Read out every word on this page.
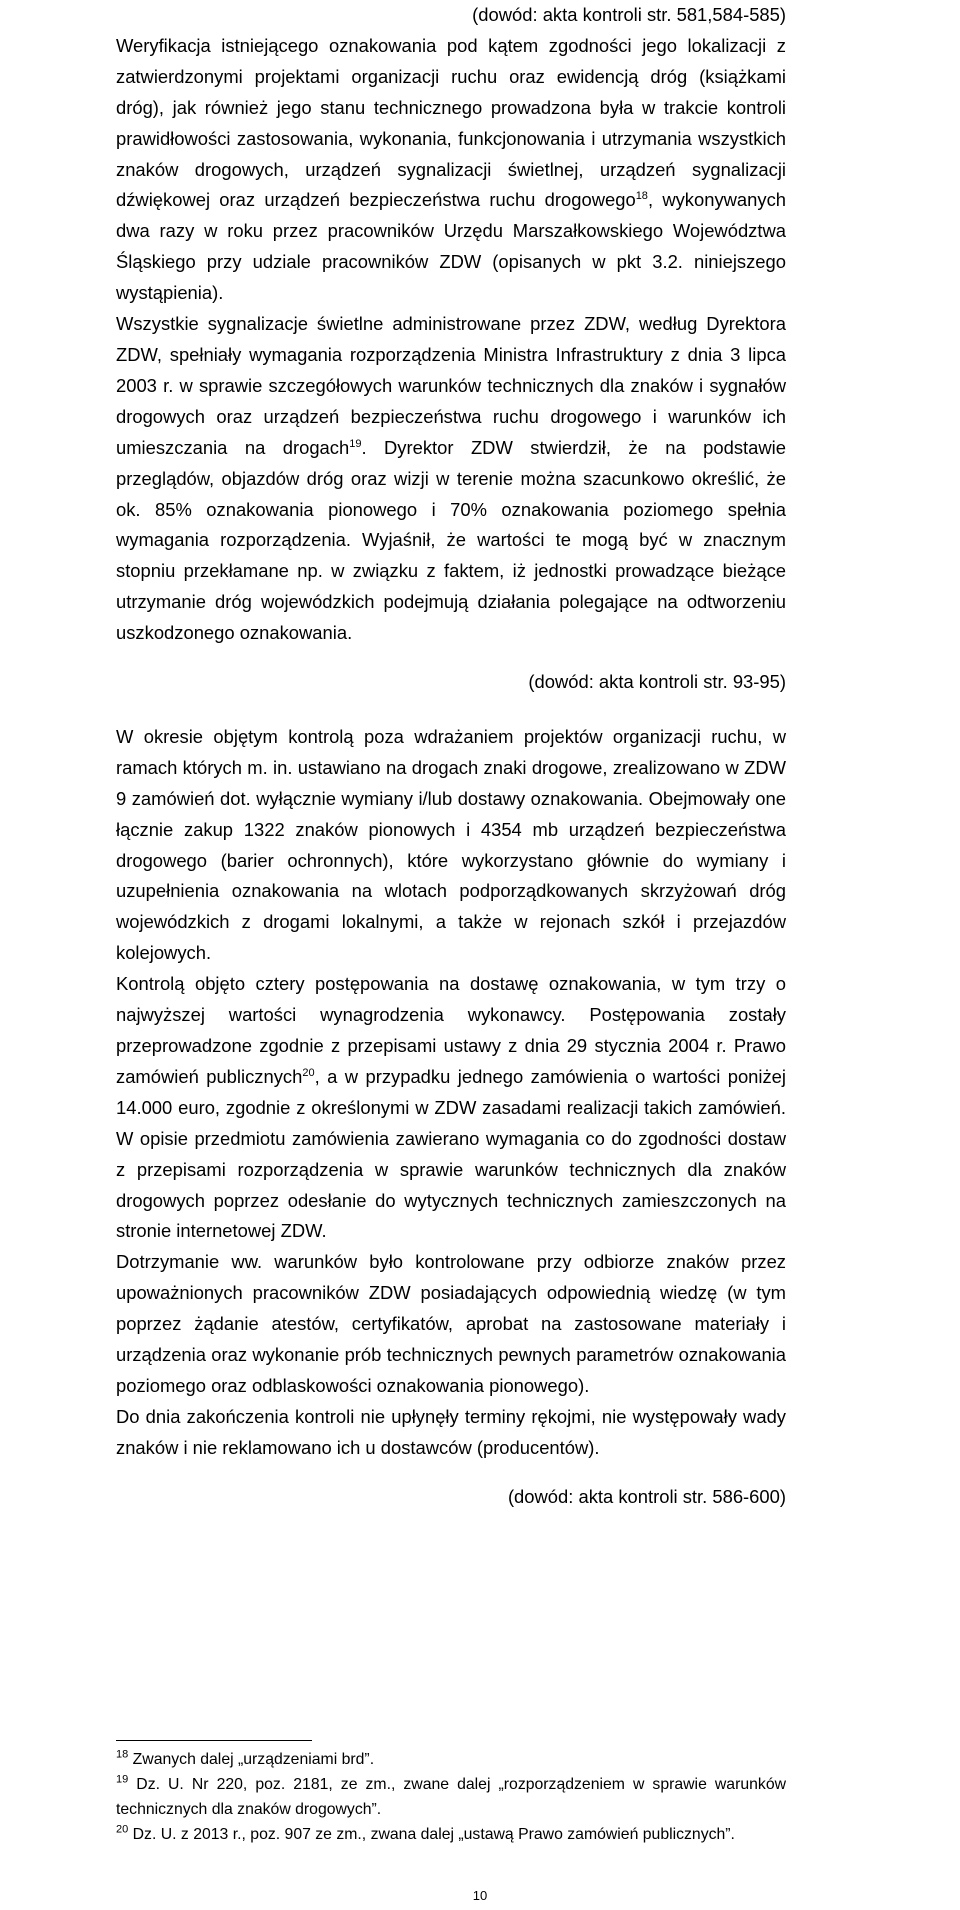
(dowód: akta kontroli str. 581,584-585)

Weryfikacja istniejącego oznakowania pod kątem zgodności jego lokalizacji z zatwierdzonymi projektami organizacji ruchu oraz ewidencją dróg (książkami dróg), jak również jego stanu technicznego prowadzona była w trakcie kontroli prawidłowości zastosowania, wykonania, funkcjonowania i utrzymania wszystkich znaków drogowych, urządzeń sygnalizacji świetlnej, urządzeń sygnalizacji dźwiękowej oraz urządzeń bezpieczeństwa ruchu drogowego$^{18}$, wykonywanych dwa razy w roku przez pracowników Urzędu Marszałkowskiego Województwa Śląskiego przy udziale pracowników ZDW (opisanych w pkt 3.2. niniejszego wystąpienia).

Wszystkie sygnalizacje świetlne administrowane przez ZDW, według Dyrektora ZDW, spełniały wymagania rozporządzenia Ministra Infrastruktury z dnia 3 lipca 2003 r. w sprawie szczegółowych warunków technicznych dla znaków i sygnałów drogowych oraz urządzeń bezpieczeństwa ruchu drogowego i warunków ich umieszczania na drogach$^{19}$. Dyrektor ZDW stwierdził, że na podstawie przeglądów, objazdów dróg oraz wizji w terenie można szacunkowo określić, że ok. 85% oznakowania pionowego i 70% oznakowania poziomego spełnia wymagania rozporządzenia. Wyjaśnił, że wartości te mogą być w znacznym stopniu przekłamane np. w związku z faktem, iż jednostki prowadzące bieżące utrzymanie dróg wojewódzkich podejmują działania polegające na odtworzeniu uszkodzonego oznakowania.

(dowód: akta kontroli str. 93-95)

W okresie objętym kontrolą poza wdrażaniem projektów organizacji ruchu, w ramach których m. in. ustawiano na drogach znaki drogowe, zrealizowano w ZDW 9 zamówień dot. wyłącznie wymiany i/lub dostawy oznakowania. Obejmowały one łącznie zakup 1322 znaków pionowych i 4354 mb urządzeń bezpieczeństwa drogowego (barier ochronnych), które wykorzystano głównie do wymiany i uzupełnienia oznakowania na wlotach podporządkowanych skrzyżowań dróg wojewódzkich z drogami lokalnymi, a także w rejonach szkół i przejazdów kolejowych.

Kontrolą objęto cztery postępowania na dostawę oznakowania, w tym trzy o najwyższej wartości wynagrodzenia wykonawcy. Postępowania zostały przeprowadzone zgodnie z przepisami ustawy z dnia 29 stycznia 2004 r. Prawo zamówień publicznych$^{20}$, a w przypadku jednego zamówienia o wartości poniżej 14.000 euro, zgodnie z określonymi w ZDW zasadami realizacji takich zamówień. W opisie przedmiotu zamówienia zawierano wymagania co do zgodności dostaw z przepisami rozporządzenia w sprawie warunków technicznych dla znaków drogowych poprzez odesłanie do wytycznych technicznych zamieszczonych na stronie internetowej ZDW.

Dotrzymanie ww. warunków było kontrolowane przy odbiorze znaków przez upoważnionych pracowników ZDW posiadających odpowiednią wiedzę (w tym poprzez żądanie atestów, certyfikatów, aprobat na zastosowane materiały i urządzenia oraz wykonanie prób technicznych pewnych parametrów oznakowania poziomego oraz odblaskowości oznakowania pionowego).

Do dnia zakończenia kontroli nie upłynęły terminy rękojmi, nie występowały wady znaków i nie reklamowano ich u dostawców (producentów).

(dowód: akta kontroli str. 586-600)

$^{18}$ Zwanych dalej „urządzeniami brd”.

$^{19}$ Dz. U. Nr 220, poz. 2181, ze zm., zwane dalej „rozporządzeniem w sprawie warunków technicznych dla znaków drogowych”.

$^{20}$ Dz. U. z 2013 r., poz. 907 ze zm., zwana dalej „ustawą Prawo zamówień publicznych”.

10
